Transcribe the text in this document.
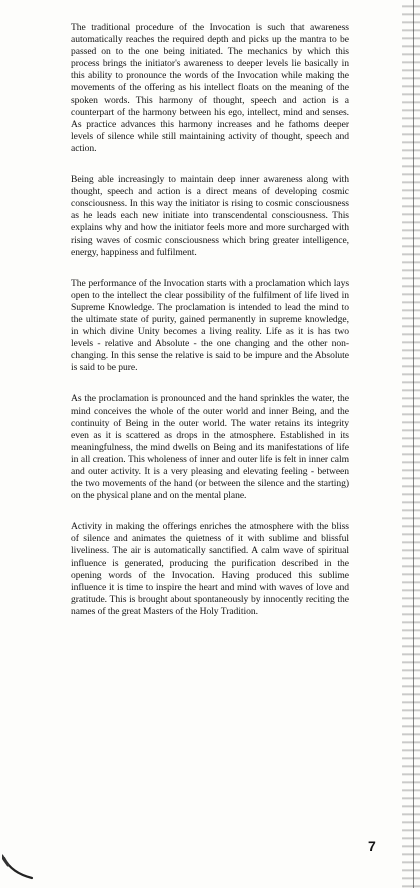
The traditional procedure of the Invocation is such that awareness automatically reaches the required depth and picks up the mantra to be passed on to the one being initiated. The mechanics by which this process brings the initiator's awareness to deeper levels lie basically in this ability to pronounce the words of the Invocation while making the movements of the offering as his intellect floats on the meaning of the spoken words. This harmony of thought, speech and action is a counterpart of the harmony between his ego, intellect, mind and senses. As practice advances this harmony increases and he fathoms deeper levels of silence while still maintaining activity of thought, speech and action.

Being able increasingly to maintain deep inner awareness along with thought, speech and action is a direct means of developing cosmic consciousness. In this way the initiator is rising to cosmic consciousness as he leads each new initiate into transcendental consciousness. This explains why and how the initiator feels more and more surcharged with rising waves of cosmic consciousness which bring greater intelligence, energy, happiness and fulfilment.

The performance of the Invocation starts with a proclamation which lays open to the intellect the clear possibility of the fulfilment of life lived in Supreme Knowledge. The proclamation is intended to lead the mind to the ultimate state of purity, gained permanently in supreme knowledge, in which divine Unity becomes a living reality. Life as it is has two levels - relative and Absolute - the one changing and the other non-changing. In this sense the relative is said to be impure and the Absolute is said to be pure.

As the proclamation is pronounced and the hand sprinkles the water, the mind conceives the whole of the outer world and inner Being, and the continuity of Being in the outer world. The water retains its integrity even as it is scattered as drops in the atmosphere. Established in its meaningfulness, the mind dwells on Being and its manifestations of life in all creation. This wholeness of inner and outer life is felt in inner calm and outer activity. It is a very pleasing and elevating feeling - between the two movements of the hand (or between the silence and the starting) on the physical plane and on the mental plane.

Activity in making the offerings enriches the atmosphere with the bliss of silence and animates the quietness of it with sublime and blissful liveliness. The air is automatically sanctified. A calm wave of spiritual influence is generated, producing the purification described in the opening words of the Invocation. Having produced this sublime influence it is time to inspire the heart and mind with waves of love and gratitude. This is brought about spontaneously by innocently reciting the names of the great Masters of the Holy Tradition.

7
